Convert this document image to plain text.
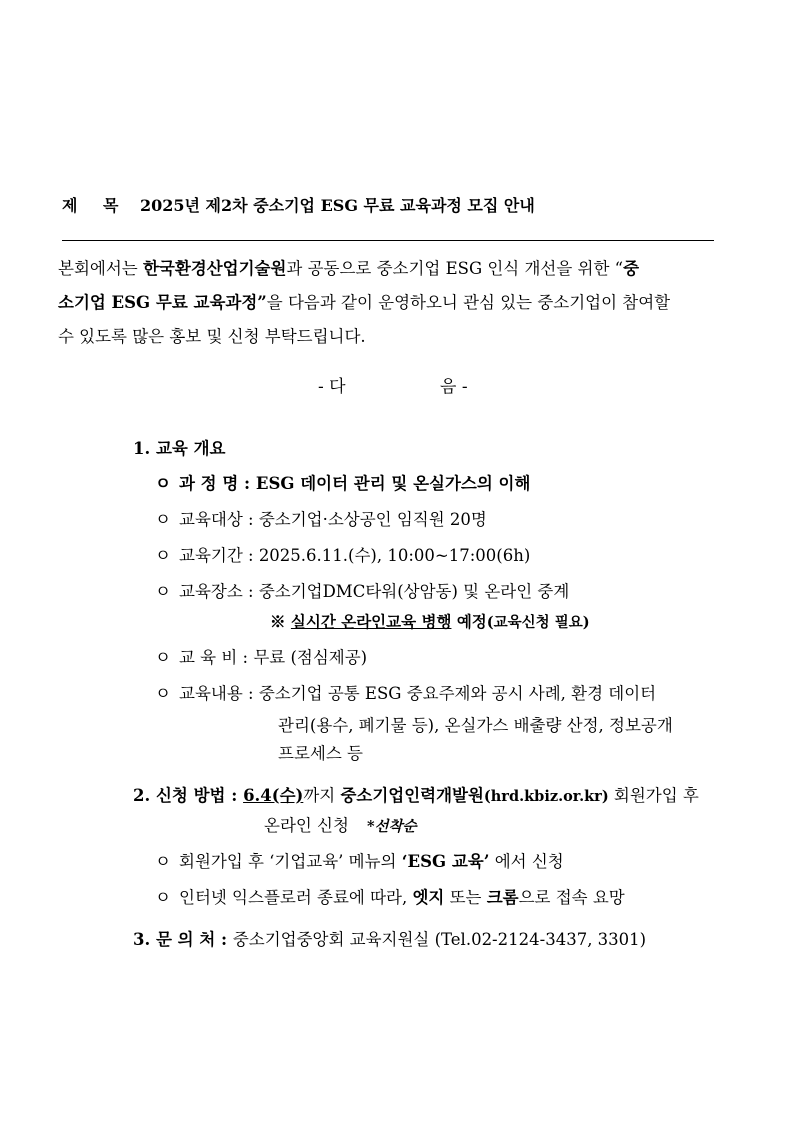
제 목 2025년 제2차 중소기업 ESG 무료 교육과정 모집 안내
본회에서는 한국환경산업기술원과 공동으로 중소기업 ESG 인식 개선을 위한 “중
소기업 ESG 무료 교육과정”을 다음과 같이 운영하오니 관심 있는 중소기업이 참여할
수 있도록 많은 홍보 및 신청 부탁드립니다.
- 다	음 -
1. 교육 개요
ㅇ 과 정 명 : ESG 데이터 관리 및 온실가스의 이해
ㅇ 교육대상 : 중소기업·소상공인 임직원 20명
ㅇ 교육기간 : 2025.6.11.(수), 10:00~17:00(6h)
ㅇ 교육장소 : 중소기업DMC타워(상암동) 및 온라인 중계
※ 실시간 온라인교육 병행 예정(교육신청 필요)
ㅇ 교 육 비 : 무료 (점심제공)
ㅇ 교육내용 : 중소기업 공통 ESG 중요주제와 공시 사례, 환경 데이터
관리(용수, 폐기물 등), 온실가스 배출량 산정, 정보공개
프로세스 등
2. 신청 방법 : 6.4(수)까지 중소기업인력개발원(hrd.kbiz.or.kr) 회원가입 후
온라인 신청 *선착순
ㅇ 회원가입 후 ‘기업교육’ 메뉴의 ‘ESG 교육’ 에서 신청
ㅇ 인터넷 익스플로러 종료에 따라, 엣지 또는 크롬으로 접속 요망
3. 문 의 처 : 중소기업중앙회 교육지원실 (Tel.02-2124-3437, 3301)
